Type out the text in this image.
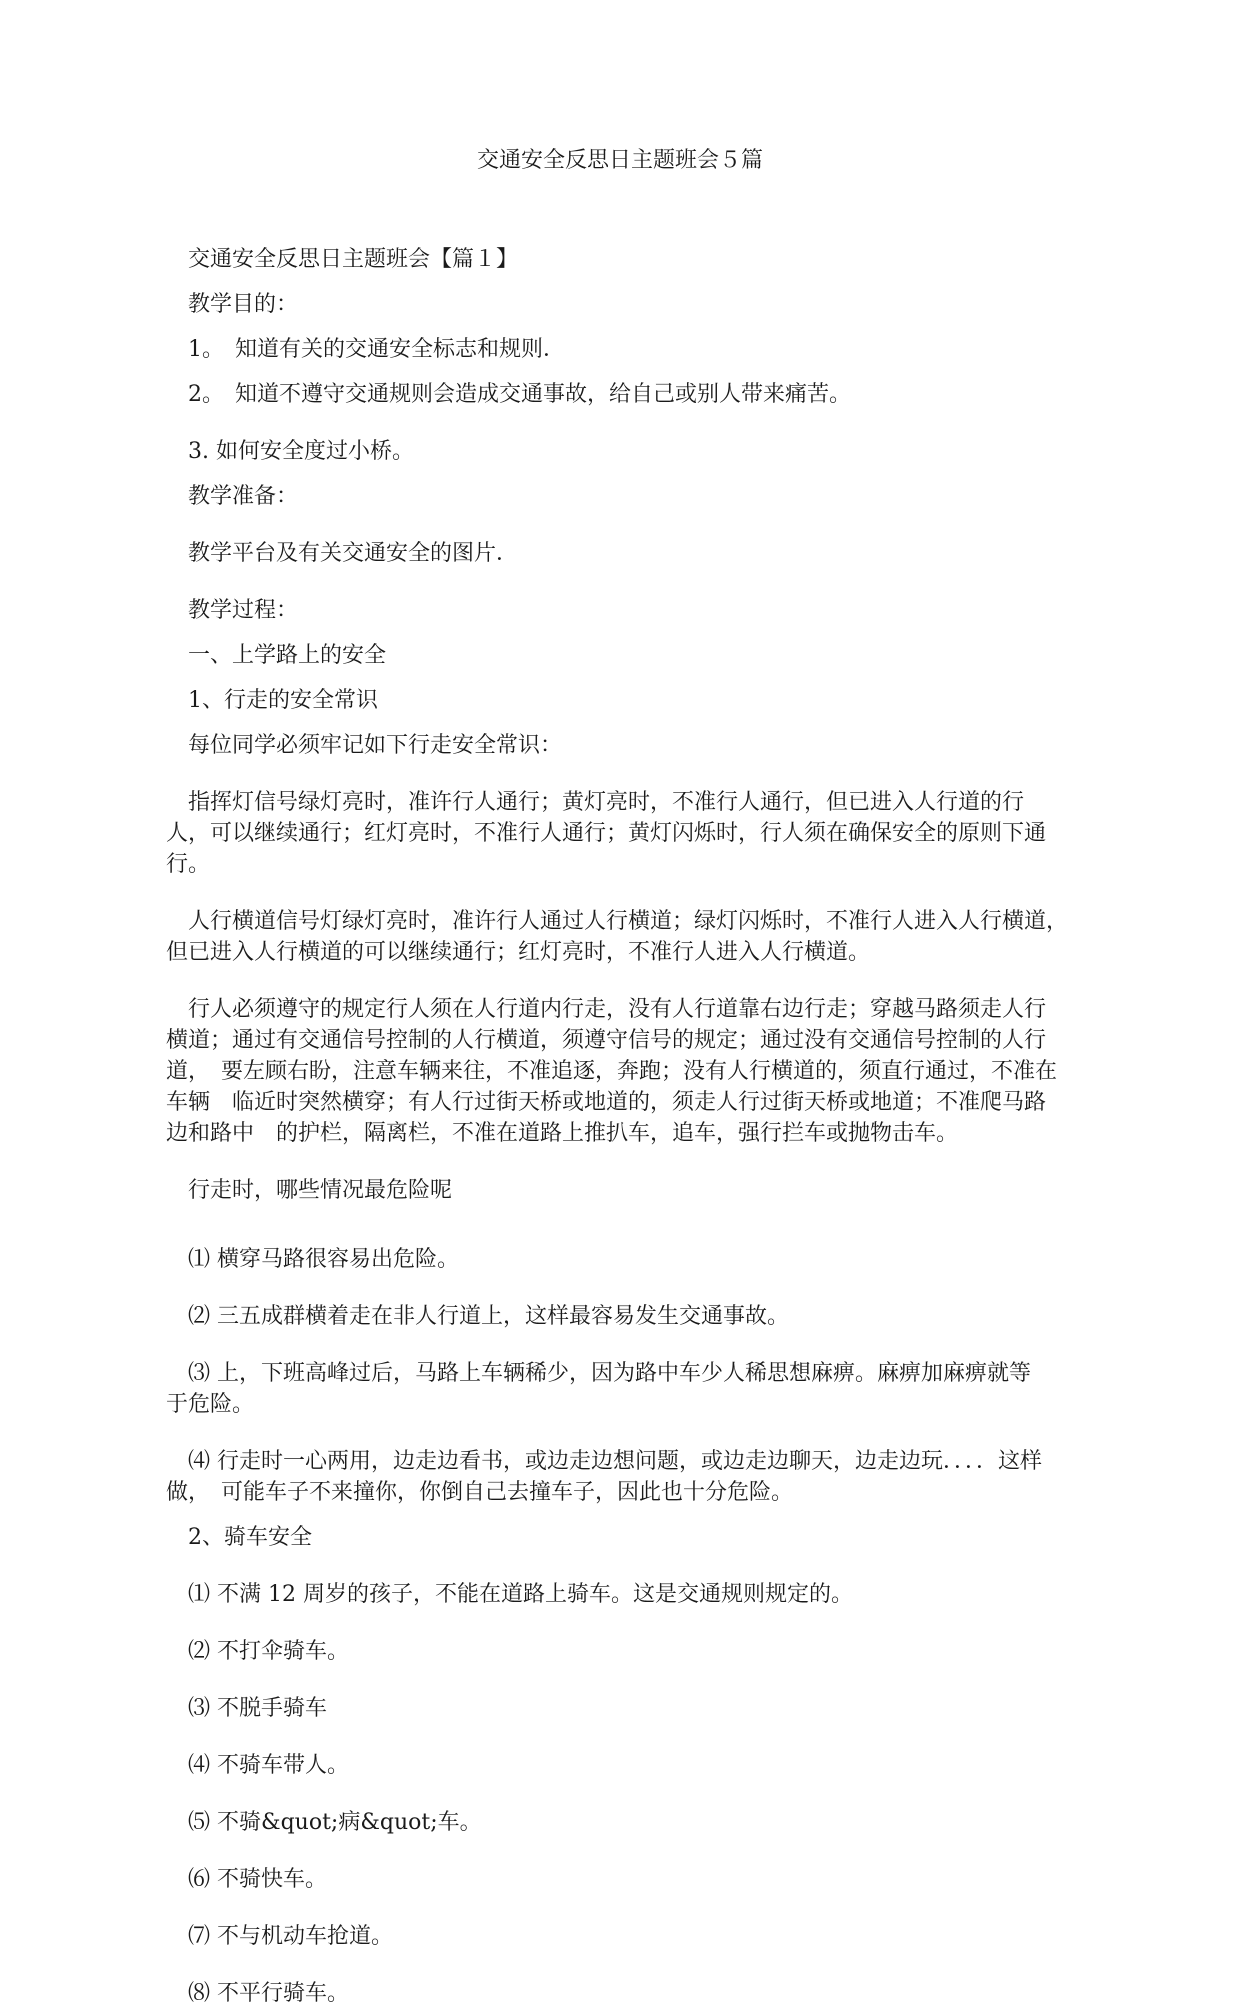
交通安全反思日主题班会５篇

交通安全反思日主题班会【篇１】

教学目的：

1。　知道有关的交通安全标志和规则．

2。　知道不遵守交通规则会造成交通事故，给自己或别人带来痛苦。

3. 如何安全度过小桥。

教学准备：

教学平台及有关交通安全的图片．

教学过程：

一、上学路上的安全

1、行走的安全常识

每位同学必须牢记如下行走安全常识：

指挥灯信号绿灯亮时，准许行人通行；黄灯亮时，不准行人通行，但已进入人行道的行人，可以继续通行；红灯亮时，不准行人通行；黄灯闪烁时，行人须在确保安全的原则下通行。

人行横道信号灯绿灯亮时，准许行人通过人行横道；绿灯闪烁时，不准行人进入人行横道，　但已进入人行横道的可以继续通行；红灯亮时，不准行人进入人行横道。

行人必须遵守的规定行人须在人行道内行走，没有人行道靠右边行走；穿越马路须走人行横道；通过有交通信号控制的人行横道，须遵守信号的规定；通过没有交通信号控制的人行道，　要左顾右盼，注意车辆来往，不准追逐，奔跑；没有人行横道的，须直行通过，不准在车辆　临近时突然横穿；有人行过街天桥或地道的，须走人行过街天桥或地道；不准爬马路边和路中　的护栏，隔离栏，不准在道路上推扒车，追车，强行拦车或抛物击车。

行走时，哪些情况最危险呢

⑴ 横穿马路很容易出危险。

⑵ 三五成群横着走在非人行道上，这样最容易发生交通事故。

⑶ 上，下班高峰过后，马路上车辆稀少，因为路中车少人稀思想麻痹。麻痹加麻痹就等　于危险。

⑷ 行走时一心两用，边走边看书，或边走边想问题，或边走边聊天，边走边玩．．．．这样做，　可能车子不来撞你，你倒自己去撞车子，因此也十分危险。

2、骑车安全

⑴ 不满 12 周岁的孩子，不能在道路上骑车。这是交通规则规定的。

⑵ 不打伞骑车。

⑶ 不脱手骑车

⑷ 不骑车带人。

⑸ 不骑&quot;病&quot;车。

⑹ 不骑快车。

⑺ 不与机动车抢道。

⑻ 不平行骑车。
